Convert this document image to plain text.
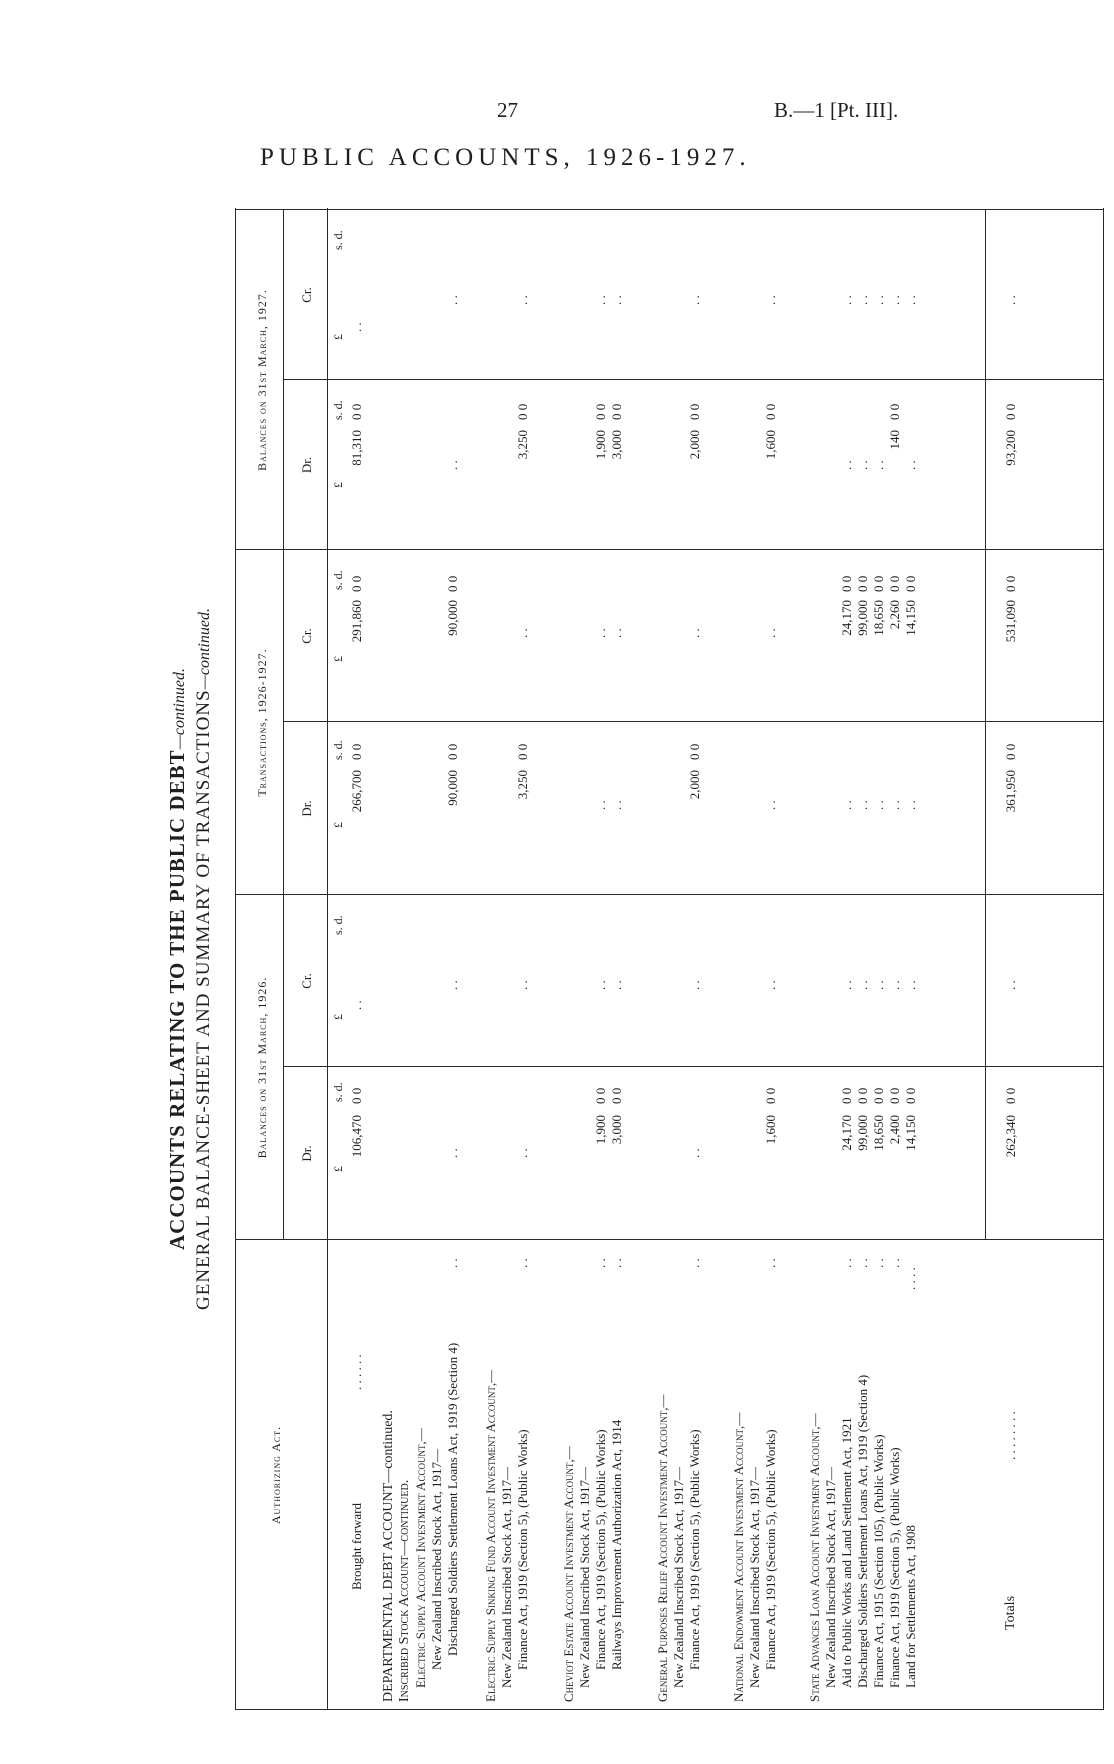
27	B.—1 [Pt. III].
PUBLIC ACCOUNTS, 1926-1927.
ACCOUNTS RELATING TO THE PUBLIC DEBT—continued. GENERAL BALANCE-SHEET AND SUMMARY OF TRANSACTIONS—continued.
Authorizing Act.
Balances on 31st March, 1926.
Transactions, 1926-1927.
Balances on 31st March, 1927.
Dr.
Cr.
Dr.
Cr.
Dr.
Cr.
£
s. d.
£
s. d.
£
s. d.
£
s. d.
£
s. d.
£
s. d.
Brought forward
. . . . . .
106,470
0 0
. .
266,700
0 0
291,860
0 0
81,310
0 0
. .
DEPARTMENTAL DEBT ACCOUNT—continued. Inscribed Stock Account—continued. Electric Supply Account Investment Account,— New Zealand Inscribed Stock Act, 1917— Discharged Soldiers Settlement Loans Act, 1919 (Section 4)
. .
. .
. .
90,000
0 0
90,000
0 0
. .
. .
Electric Supply Sinking Fund Account Investment Account,— New Zealand Inscribed Stock Act, 1917— Finance Act, 1919 (Section 5), (Public Works)
. .
. .
. .
3,250
0 0
. .
3,250
0 0
. .
Cheviot Estate Account Investment Account,— New Zealand Inscribed Stock Act, 1917— Finance Act, 1919 (Section 5), (Public Works)
. .
1,900
0 0
. .
. .
. .
1,900
0 0
. .
Railways Improvement Authorization Act, 1914
. .
3,000
0 0
. .
. .
. .
3,000
0 0
. .
General Purposes Relief Account Investment Account,— New Zealand Inscribed Stock Act, 1917— Finance Act, 1919 (Section 5), (Public Works)
. .
. .
. .
2,000
0 0
. .
2,000
0 0
. .
National Endowment Account Investment Account,— New Zealand Inscribed Stock Act, 1917— Finance Act, 1919 (Section 5), (Public Works)
. .
1,600
0 0
. .
. .
. .
1,600
0 0
. .
State Advances Loan Account Investment Account,— New Zealand Inscribed Stock Act, 1917— Aid to Public Works and Land Settlement Act, 1921
. .
24,170
0 0
. .
. .
24,170
0 0
. .
. .
Discharged Soldiers Settlement Loans Act, 1919 (Section 4)
. .
99,000
0 0
. .
. .
99,000
0 0
. .
. .
Finance Act, 1915 (Section 105), (Public Works)
. .
18,650
0 0
. .
. .
18,650
0 0
. .
. .
Finance Act, 1919 (Section 5), (Public Works)
. .
2,400
0 0
. .
. .
2,260
0 0
140
0 0
. .
Land for Settlements Act, 1908
. . . .
14,150
0 0
. .
. .
14,150
0 0
. .
. .
Totals
. . . . . . . .
262,340
0 0
. .
361,950
0 0
531,090
0 0
93,200
0 0
. .
